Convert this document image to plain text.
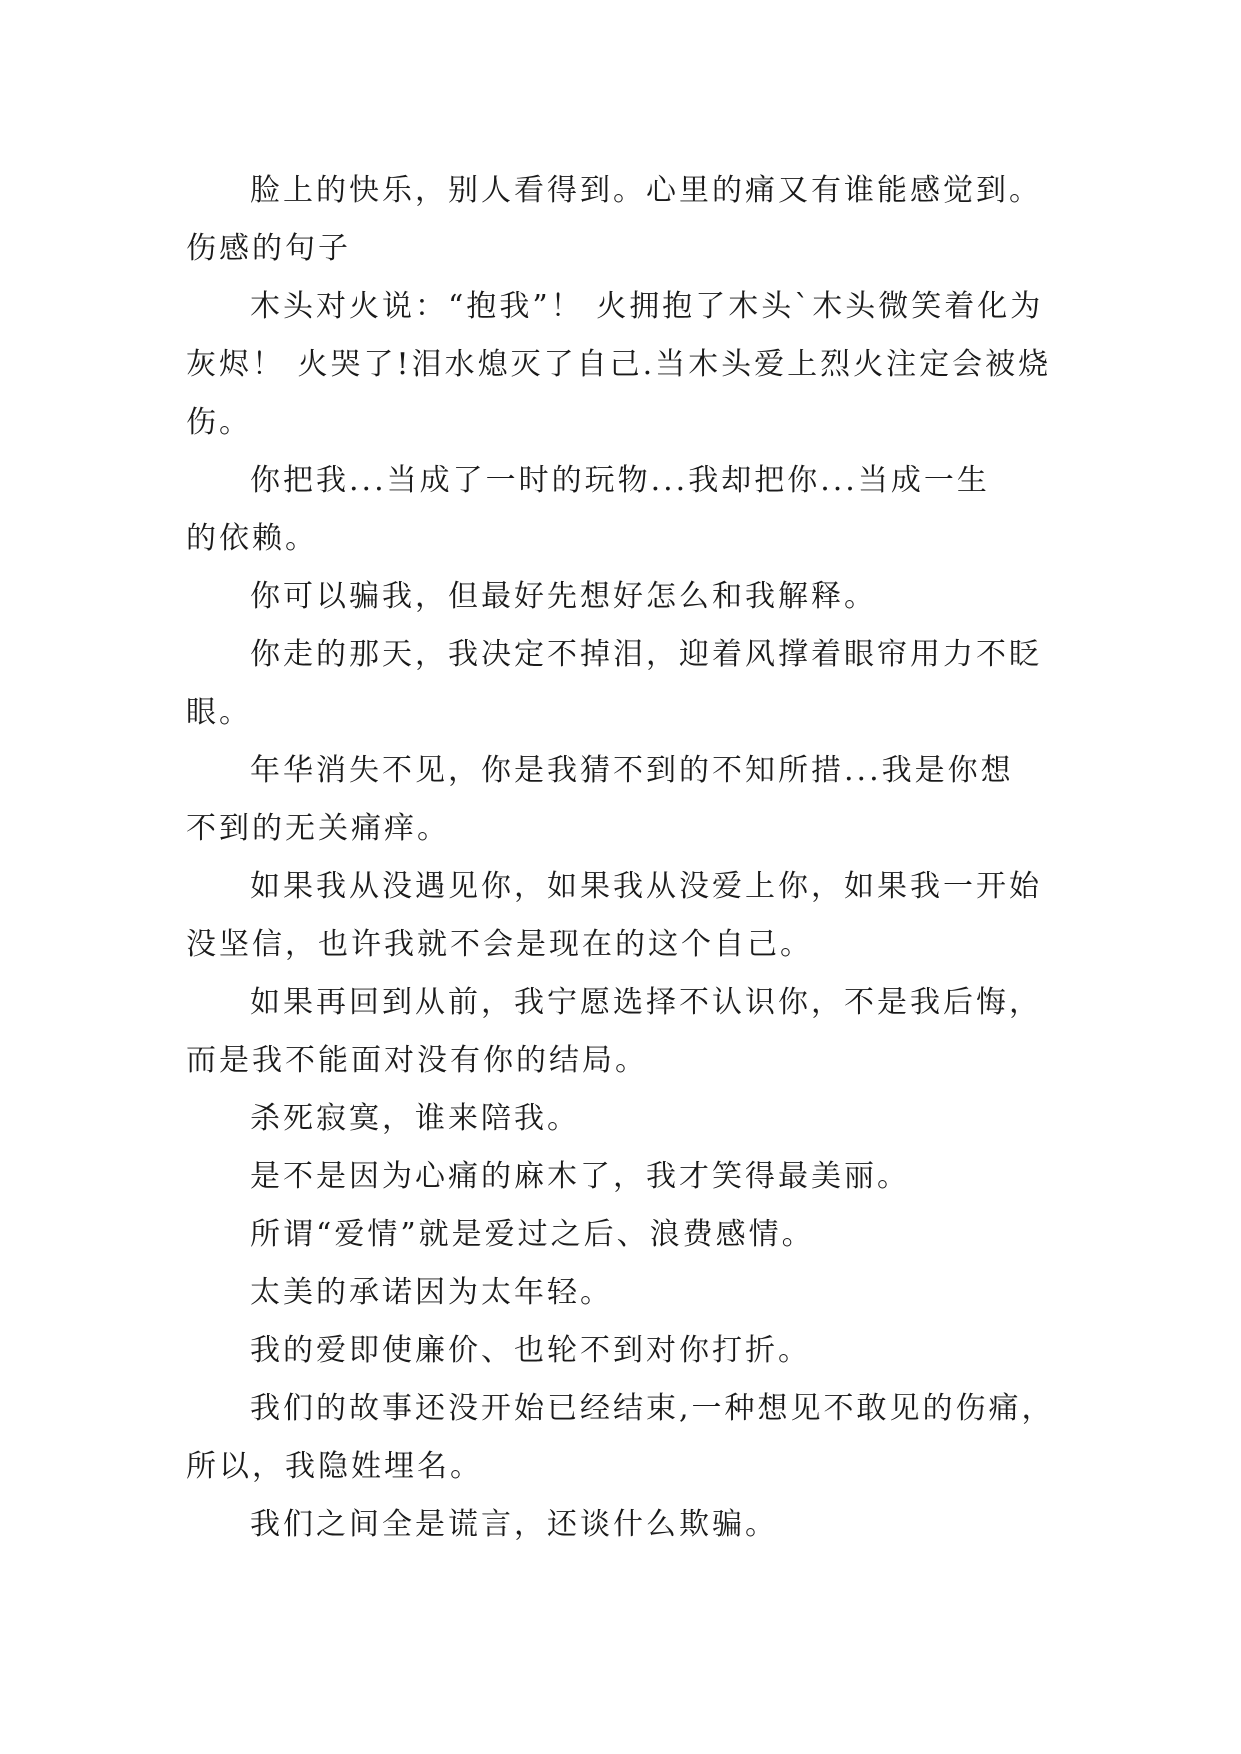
脸上的快乐，别人看得到。心里的痛又有谁能感觉到。
伤感的句子

木头对火说：“抱我”！ 火拥抱了木头`木头微笑着化为
灰烬！ 火哭了!泪水熄灭了自己.当木头爱上烈火注定会被烧
伤。

你把我...当成了一时的玩物...我却把你...当成一生
的依赖。

你可以骗我，但最好先想好怎么和我解释。

你走的那天，我决定不掉泪，迎着风撑着眼帘用力不眨
眼。

年华消失不见，你是我猜不到的不知所措...我是你想
不到的无关痛痒。

如果我从没遇见你，如果我从没爱上你，如果我一开始
没坚信，也许我就不会是现在的这个自己。

如果再回到从前，我宁愿选择不认识你，不是我后悔，
而是我不能面对没有你的结局。

杀死寂寞，谁来陪我。

是不是因为心痛的麻木了，我才笑得最美丽。

所谓“爱情”就是爱过之后、浪费感情。

太美的承诺因为太年轻。

我的爱即使廉价、也轮不到对你打折。

我们的故事还没开始已经结束,一种想见不敢见的伤痛，
所以，我隐姓埋名。

我们之间全是谎言，还谈什么欺骗。
